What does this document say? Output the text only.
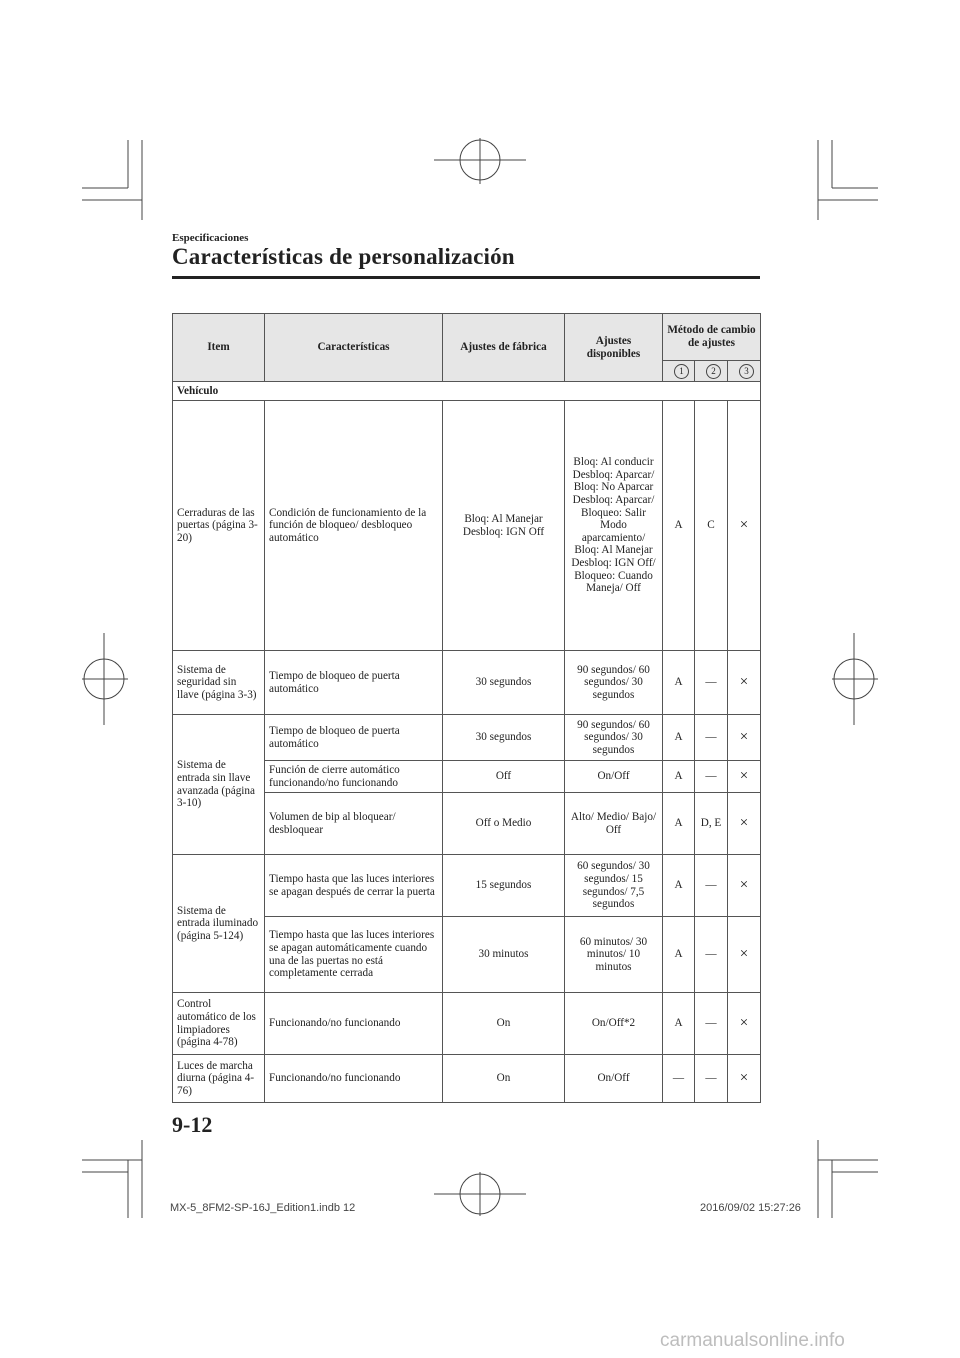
Especificaciones
Características de personalización
Item	Características	Ajustes de fábrica	Ajustes disponibles	Método de cambio de ajustes		
				1	2	3
Vehículo						
Cerraduras de las puertas (página 3-20)	Condición de funcionamiento de la función de bloqueo/ desbloqueo automático	Bloq: Al Manejar Desbloq: IGN Off	Bloq: Al conducir Desbloq: Aparcar/ Bloq: No Aparcar Desbloq: Aparcar/ Bloqueo: Salir Modo aparcamiento/ Bloq: Al Manejar Desbloq: IGN Off/ Bloqueo: Cuando Maneja/ Off	A	C	×
Sistema de seguridad sin llave (página 3-3)	Tiempo de bloqueo de puerta automático	30 segundos	90 segundos/ 60 segundos/ 30 segundos	A	—	×
Sistema de entrada sin llave avanzada (página 3-10)	Tiempo de bloqueo de puerta automático	30 segundos	90 segundos/ 60 segundos/ 30 segundos	A	—	×
	Función de cierre automático funcionando/no funcionando	Off	On/Off	A	—	×
	Volumen de bip al bloquear/ desbloquear	Off o Medio	Alto/ Medio/ Bajo/ Off	A	D, E	×
Sistema de entrada iluminado (página 5-124)	Tiempo hasta que las luces interiores se apagan después de cerrar la puerta	15 segundos	60 segundos/ 30 segundos/ 15 segundos/ 7,5 segundos	A	—	×
	Tiempo hasta que las luces interiores se apagan automáticamente cuando una de las puertas no está completamente cerrada	30 minutos	60 minutos/ 30 minutos/ 10 minutos	A	—	×
Control automático de los limpiadores (página 4-78)	Funcionando/no funcionando	On	On/Off*2	A	—	×
Luces de marcha diurna (página 4-76)	Funcionando/no funcionando	On	On/Off	—	—	×
9-12
MX-5_8FM2-SP-16J_Edition1.indb 12	2016/09/02 15:27:26
carmanualsonline.info
